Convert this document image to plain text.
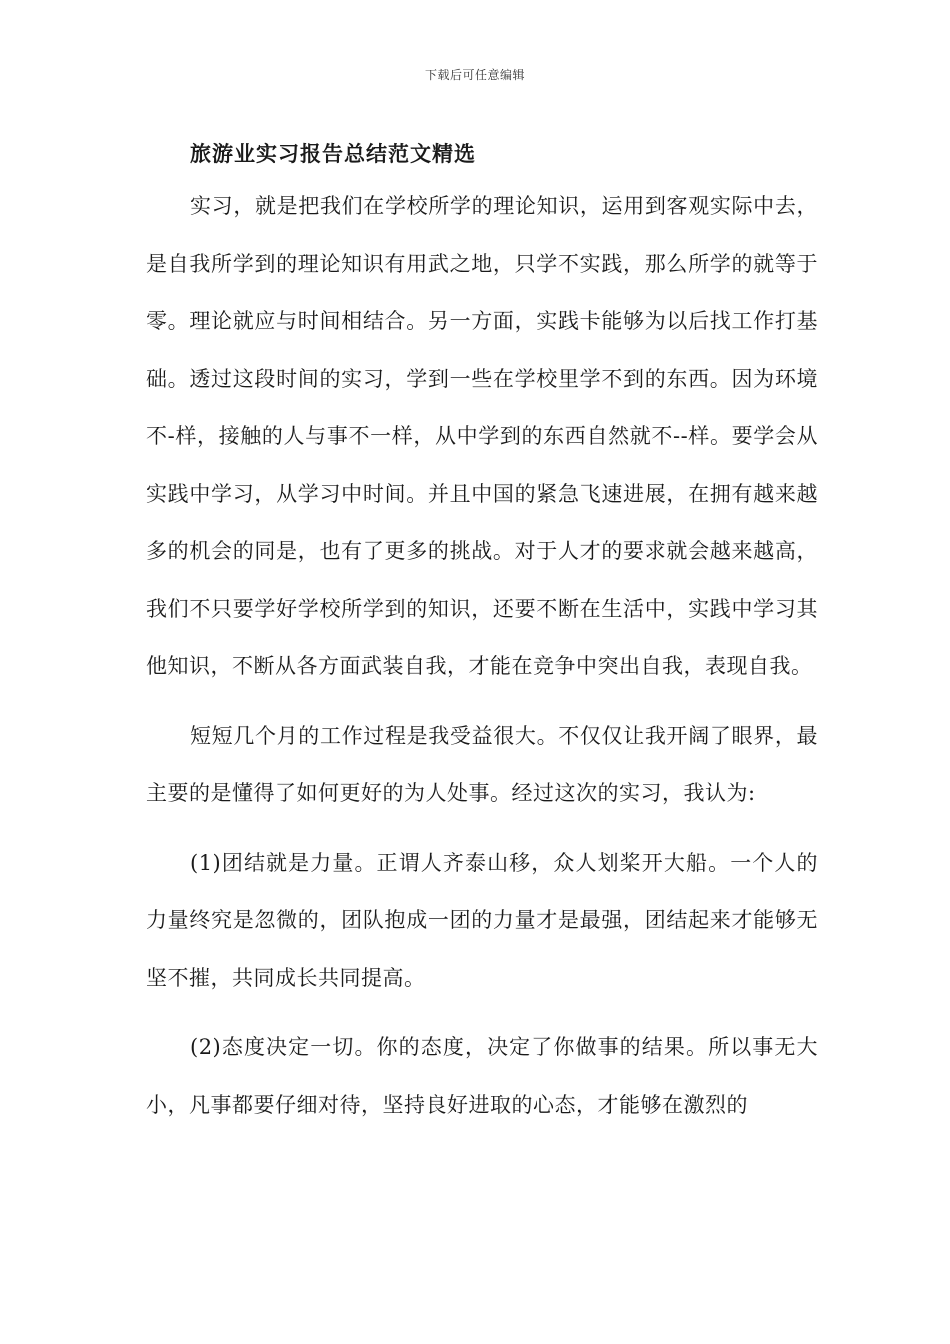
下载后可任意编辑
旅游业实习报告总结范文精选

实习，就是把我们在学校所学的理论知识，运用到客观实际中去，是自我所学到的理论知识有用武之地，只学不实践，那么所学的就等于零。理论就应与时间相结合。另一方面，实践卡能够为以后找工作打基础。透过这段时间的实习，学到一些在学校里学不到的东西。因为环境不-样，接触的人与事不一样，从中学到的东西自然就不--样。要学会从实践中学习，从学习中时间。并且中国的紧急飞速进展，在拥有越来越多的机会的同是，也有了更多的挑战。对于人才的要求就会越来越高，我们不只要学好学校所学到的知识，还要不断在生活中，实践中学习其他知识，不断从各方面武装自我，才能在竞争中突出自我，表现自我。

短短几个月的工作过程是我受益很大。不仅仅让我开阔了眼界，最主要的是懂得了如何更好的为人处事。经过这次的实习，我认为:

(1)团结就是力量。正谓人齐泰山移，众人划桨开大船。一个人的力量终究是忽微的，团队抱成一团的力量才是最强，团结起来才能够无坚不摧，共同成长共同提高。

(2)态度决定一切。你的态度，决定了你做事的结果。所以事无大小，凡事都要仔细对待，坚持良好进取的心态，才能够在激烈的
